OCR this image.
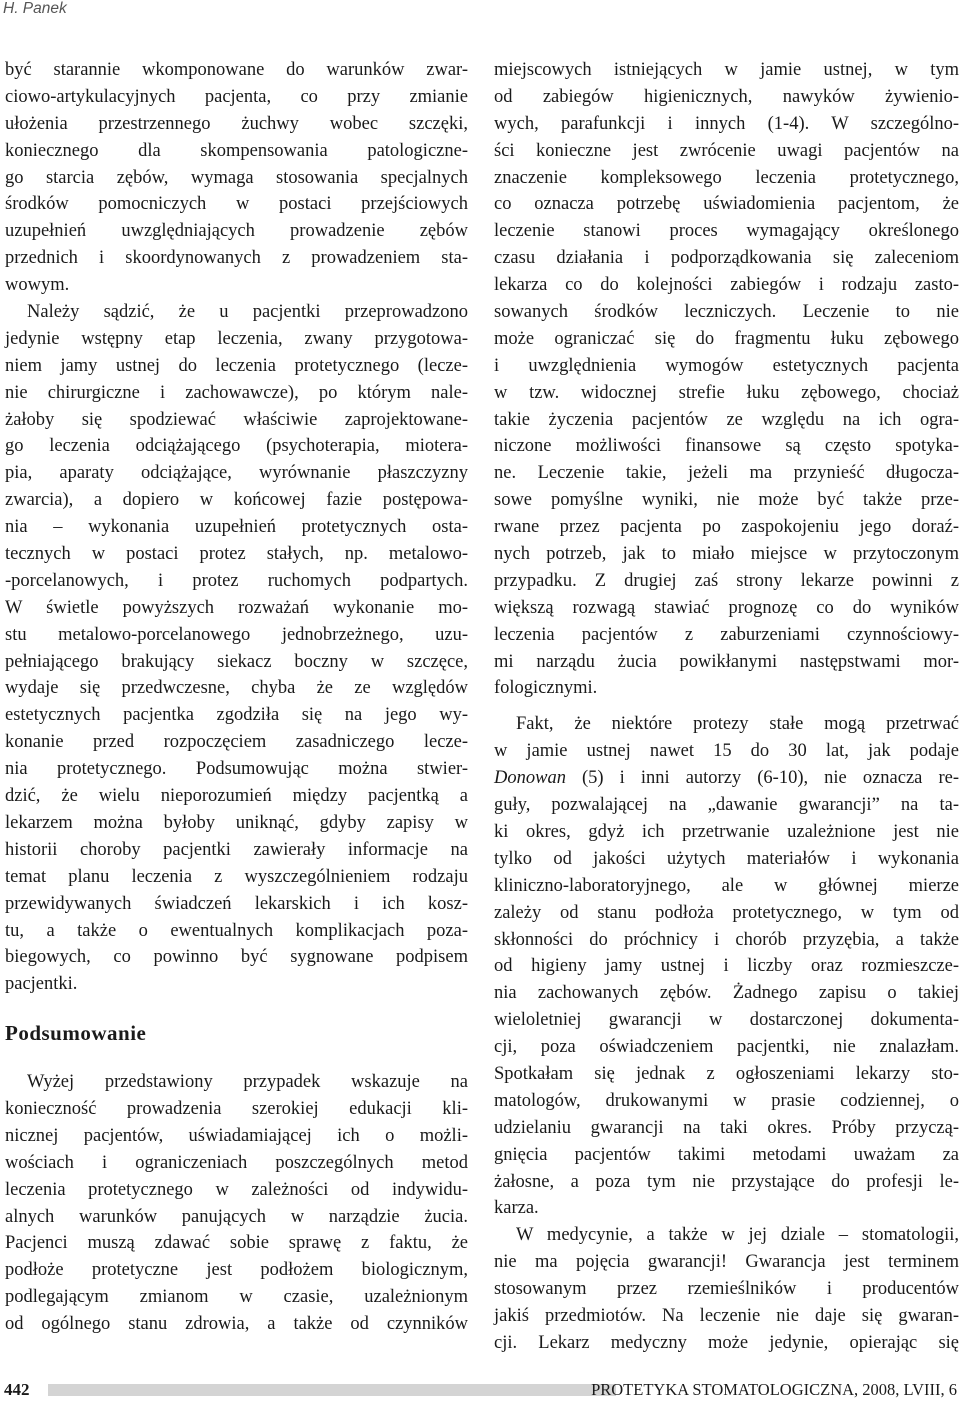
H. Panek
być starannie wkomponowane do warunków zwar-
ciowo-artykulacyjnych pacjenta, co przy zmianie
ułożenia przestrzennego żuchwy wobec szczęki,
koniecznego dla skompensowania patologiczne-
go starcia zębów, wymaga stosowania specjalnych
środków pomocniczych w postaci przejściowych
uzupełnień uwzględniających prowadzenie zębów
przednich i skoordynowanych z prowadzeniem sta-
wowym.
Należy sądzić, że u pacjentki przeprowadzono
jedynie wstępny etap leczenia, zwany przygotowa-
niem jamy ustnej do leczenia protetycznego (lecze-
nie chirurgiczne i zachowawcze), po którym nale-
żałoby się spodziewać właściwie zaprojektowane-
go leczenia odciążającego (psychoterapia, miotera-
pia, aparaty odciążające, wyrównanie płaszczyzny
zwarcia), a dopiero w końcowej fazie postępowa-
nia – wykonania uzupełnień protetycznych osta-
tecznych w postaci protez stałych, np. metalowo-
-porcelanowych, i protez ruchomych podpartych.
W świetle powyższych rozważań wykonanie mo-
stu metalowo-porcelanowego jednobrzeżnego, uzu-
pełniającego brakujący siekacz boczny w szczęce,
wydaje się przedwczesne, chyba że ze względów
estetycznych pacjentka zgodziła się na jego wy-
konanie przed rozpoczęciem zasadniczego lecze-
nia protetycznego. Podsumowując można stwier-
dzić, że wielu nieporozumień między pacjentką a
lekarzem można byłoby uniknąć, gdyby zapisy w
historii choroby pacjentki zawierały informacje na
temat planu leczenia z wyszczególnieniem rodzaju
przewidywanych świadczeń lekarskich i ich kosz-
tu, a także o ewentualnych komplikacjach poza-
biegowych, co powinno być sygnowane podpisem
pacjentki.
Podsumowanie
Wyżej przedstawiony przypadek wskazuje na
konieczność prowadzenia szerokiej edukacji kli-
nicznej pacjentów, uświadamiającej ich o możli-
wościach i ograniczeniach poszczególnych metod
leczenia protetycznego w zależności od indywidu-
alnych warunków panujących w narządzie żucia.
Pacjenci muszą zdawać sobie sprawę z faktu, że
podłoże protetyczne jest podłożem biologicznym,
podlegającym zmianom w czasie, uzależnionym
od ogólnego stanu zdrowia, a także od czynników
miejscowych istniejących w jamie ustnej, w tym
od zabiegów higienicznych, nawyków żywienio-
wych, parafunkcji i innych (1-4). W szczególno-
ści konieczne jest zwrócenie uwagi pacjentów na
znaczenie kompleksowego leczenia protetycznego,
co oznacza potrzebę uświadomienia pacjentom, że
leczenie stanowi proces wymagający określonego
czasu działania i podporządkowania się zaleceniom
lekarza co do kolejności zabiegów i rodzaju zasto-
sowanych środków leczniczych. Leczenie to nie
może ograniczać się do fragmentu łuku zębowego
i uwzględnienia wymogów estetycznych pacjenta
w tzw. widocznej strefie łuku zębowego, chociaż
takie życzenia pacjentów ze względu na ich ogra-
niczone możliwości finansowe są często spotyka-
ne. Leczenie takie, jeżeli ma przynieść długocza-
sowe pomyślne wyniki, nie może być także prze-
rwane przez pacjenta po zaspokojeniu jego doraź-
nych potrzeb, jak to miało miejsce w przytoczonym
przypadku. Z drugiej zaś strony lekarze powinni z
większą rozwagą stawiać prognozę co do wyników
leczenia pacjentów z zaburzeniami czynnościowy-
mi narządu żucia powikłanymi następstwami mor-
fologicznymi.
Fakt, że niektóre protezy stałe mogą przetrwać
w jamie ustnej nawet 15 do 30 lat, jak podaje
Donowan (5) i inni autorzy (6-10), nie oznacza re-
guły, pozwalającej na „dawanie gwarancji” na ta-
ki okres, gdyż ich przetrwanie uzależnione jest nie
tylko od jakości użytych materiałów i wykonania
kliniczno-laboratoryjnego, ale w głównej mierze
zależy od stanu podłoża protetycznego, w tym od
skłonności do próchnicy i chorób przyzębia, a także
od higieny jamy ustnej i liczby oraz rozmieszcze-
nia zachowanych zębów. Żadnego zapisu o takiej
wieloletniej gwarancji w dostarczonej dokumenta-
cji, poza oświadczeniem pacjentki, nie znalazłam.
Spotkałam się jednak z ogłoszeniami lekarzy sto-
matologów, drukowanymi w prasie codziennej, o
udzielaniu gwarancji na taki okres. Próby przyczą-
gnięcia pacjentów takimi metodami uważam za
żałosne, a poza tym nie przystające do profesji le-
karza.
W medycynie, a także w jej dziale – stomatologii,
nie ma pojęcia gwarancji! Gwarancja jest terminem
stosowanym przez rzemieślników i producentów
jakiś przedmiotów. Na leczenie nie daje się gwaran-
cji. Lekarz medyczny może jedynie, opierając się
442	PROTETYKA STOMATOLOGICZNA, 2008, LVIII, 6
